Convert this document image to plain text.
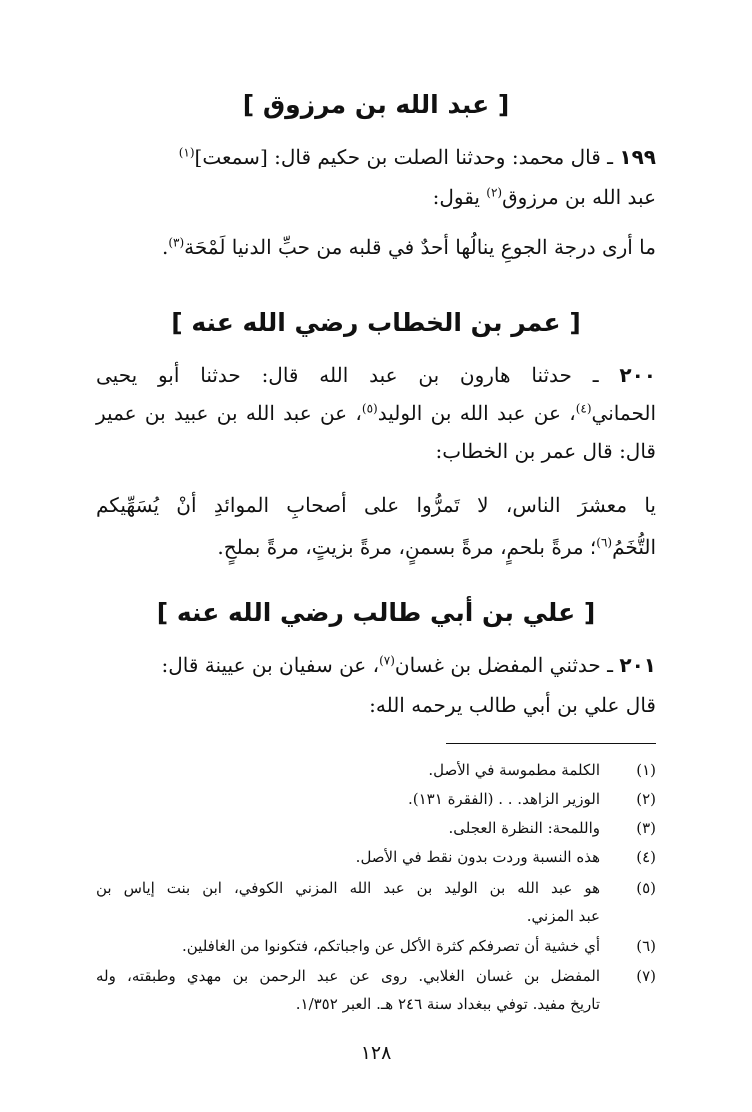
[ عبد الله بن مرزوق ]
١٩٩ ـ قال محمد: وحدثنا الصلت بن حكيم قال: [سمعت]$^{(١)}$
عبد الله بن مرزوق$^{(٢)}$ يقول:
ما أرى درجة الجوعِ ينالُها أحدٌ في قلبه من حبِّ الدنيا لَمْحَة$^{(٣)}$.
[ عمر بن الخطاب رضي الله عنه ]
٢٠٠ ـ حدثنا هارون بن عبد الله قال: حدثنا أبو يحيى
الحماني$^{(٤)}$، عن عبد الله بن الوليد$^{(٥)}$، عن عبد الله بن عبيد بن عمير
قال: قال عمر بن الخطاب:
يا معشرَ الناس، لا تَمرُّوا على أصحابِ الموائدِ أنْ يُسَهِّيكم
التُّخَمُ$^{(٦)}$؛ مرةً بلحمٍ، مرةً بسمنٍ، مرةً بزيتٍ، مرةً بملحٍ.
[ علي بن أبي طالب رضي الله عنه ]
٢٠١ ـ حدثني المفضل بن غسان$^{(٧)}$، عن سفيان بن عيينة قال:
قال علي بن أبي طالب يرحمه الله:
(١)
الكلمة مطموسة في الأصل.
(٢)
الوزير الزاهد. . . (الفقرة ١٣١).
(٣)
واللمحة: النظرة العجلى.
(٤)
هذه النسبة وردت بدون نقط في الأصل.
(٥)
هو عبد الله بن الوليد بن عبد الله المزني الكوفي، ابن بنت إياس بن
عبد المزني.
(٦)
أي خشية أن تصرفكم كثرة الأكل عن واجباتكم، فتكونوا من الغافلين.
(٧)
المفضل بن غسان الغلابي. روى عن عبد الرحمن بن مهدي وطبقته، وله
تاريخ مفيد. توفي ببغداد سنة ٢٤٦ هـ. العبر ١/٣٥٢.
١٢٨
